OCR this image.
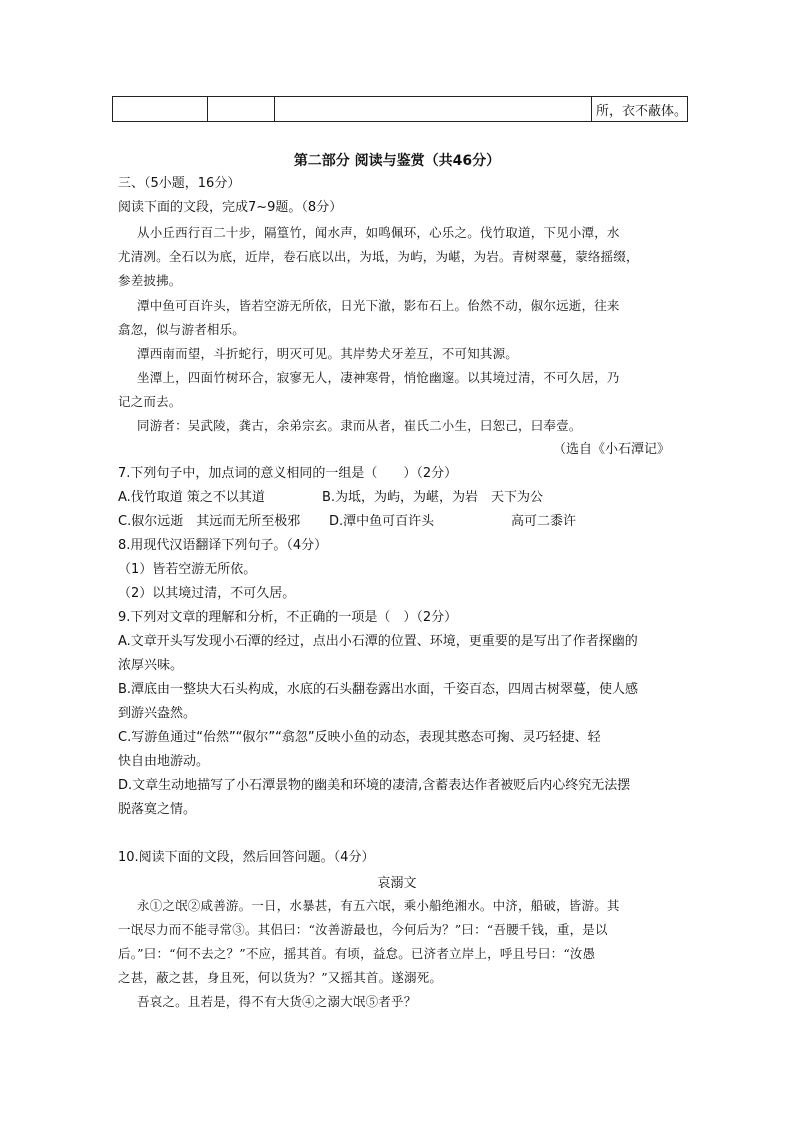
			所，衣不蔽体。
第二部分 阅读与鉴赏（共46分）
三、（5小题，16分）
阅读下面的文段，完成7~9题。（8分）
从小丘西行百二十步，隔篁竹，闻水声，如鸣佩环，心乐之。伐竹取道，下见小潭，水
尤清冽。全石以为底，近岸，卷石底以出，为坻，为屿，为嵁，为岩。青树翠蔓，蒙络摇缀，
参差披拂。
潭中鱼可百许头，皆若空游无所依，日光下澈，影布石上。佁然不动，俶尔远逝，往来
翕忽，似与游者相乐。
潭西南而望，斗折蛇行，明灭可见。其岸势犬牙差互，不可知其源。
坐潭上，四面竹树环合，寂寥无人，凄神寒骨，悄怆幽邃。以其境过清，不可久居，乃
记之而去。
同游者：吴武陵，龚古，余弟宗玄。隶而从者，崔氏二小生，曰恕己，曰奉壹。
（选自《小石潭记》
7.下列句子中，加点词的意义相同的一组是（　　）（2分）
A.伐竹取道 策之不以其道	B.为坻，为屿，为嵁，为岩　天下为公
C.俶尔远逝　其远而无所至极邪 D.潭中鱼可百许头	高可二黍许
8.用现代汉语翻译下列句子。（4分）
（1）皆若空游无所依。
（2）以其境过清，不可久居。
9.下列对文章的理解和分析，不正确的一项是（　）（2分）
A.文章开头写发现小石潭的经过，点出小石潭的位置、环境，更重要的是写出了作者探幽的
浓厚兴味。
B.潭底由一整块大石头构成，水底的石头翻卷露出水面，千姿百态，四周古树翠蔓，使人感
到游兴盎然。
C.写游鱼通过“佁然”“俶尔”“翕忽”反映小鱼的动态，表现其憨态可掬、灵巧轻捷、轻
快自由地游动。
D.文章生动地描写了小石潭景物的幽美和环境的凄清,含蓄表达作者被贬后内心终究无法摆
脱落寞之情。
10.阅读下面的文段，然后回答问题。（4分）
哀溺文
永①之氓②咸善游。一日，水暴甚，有五六氓，乘小船绝湘水。中济，船破，皆游。其
一氓尽力而不能寻常③。其侣曰：“汝善游最也，今何后为？”曰：“吾腰千钱，重，是以
后。”曰：“何不去之？”不应，摇其首。有顷，益怠。已济者立岸上，呼且号曰：“汝愚
之甚，蔽之甚，身且死，何以货为？”又摇其首。遂溺死。
吾哀之。且若是，得不有大货④之溺大氓⑤者乎？
